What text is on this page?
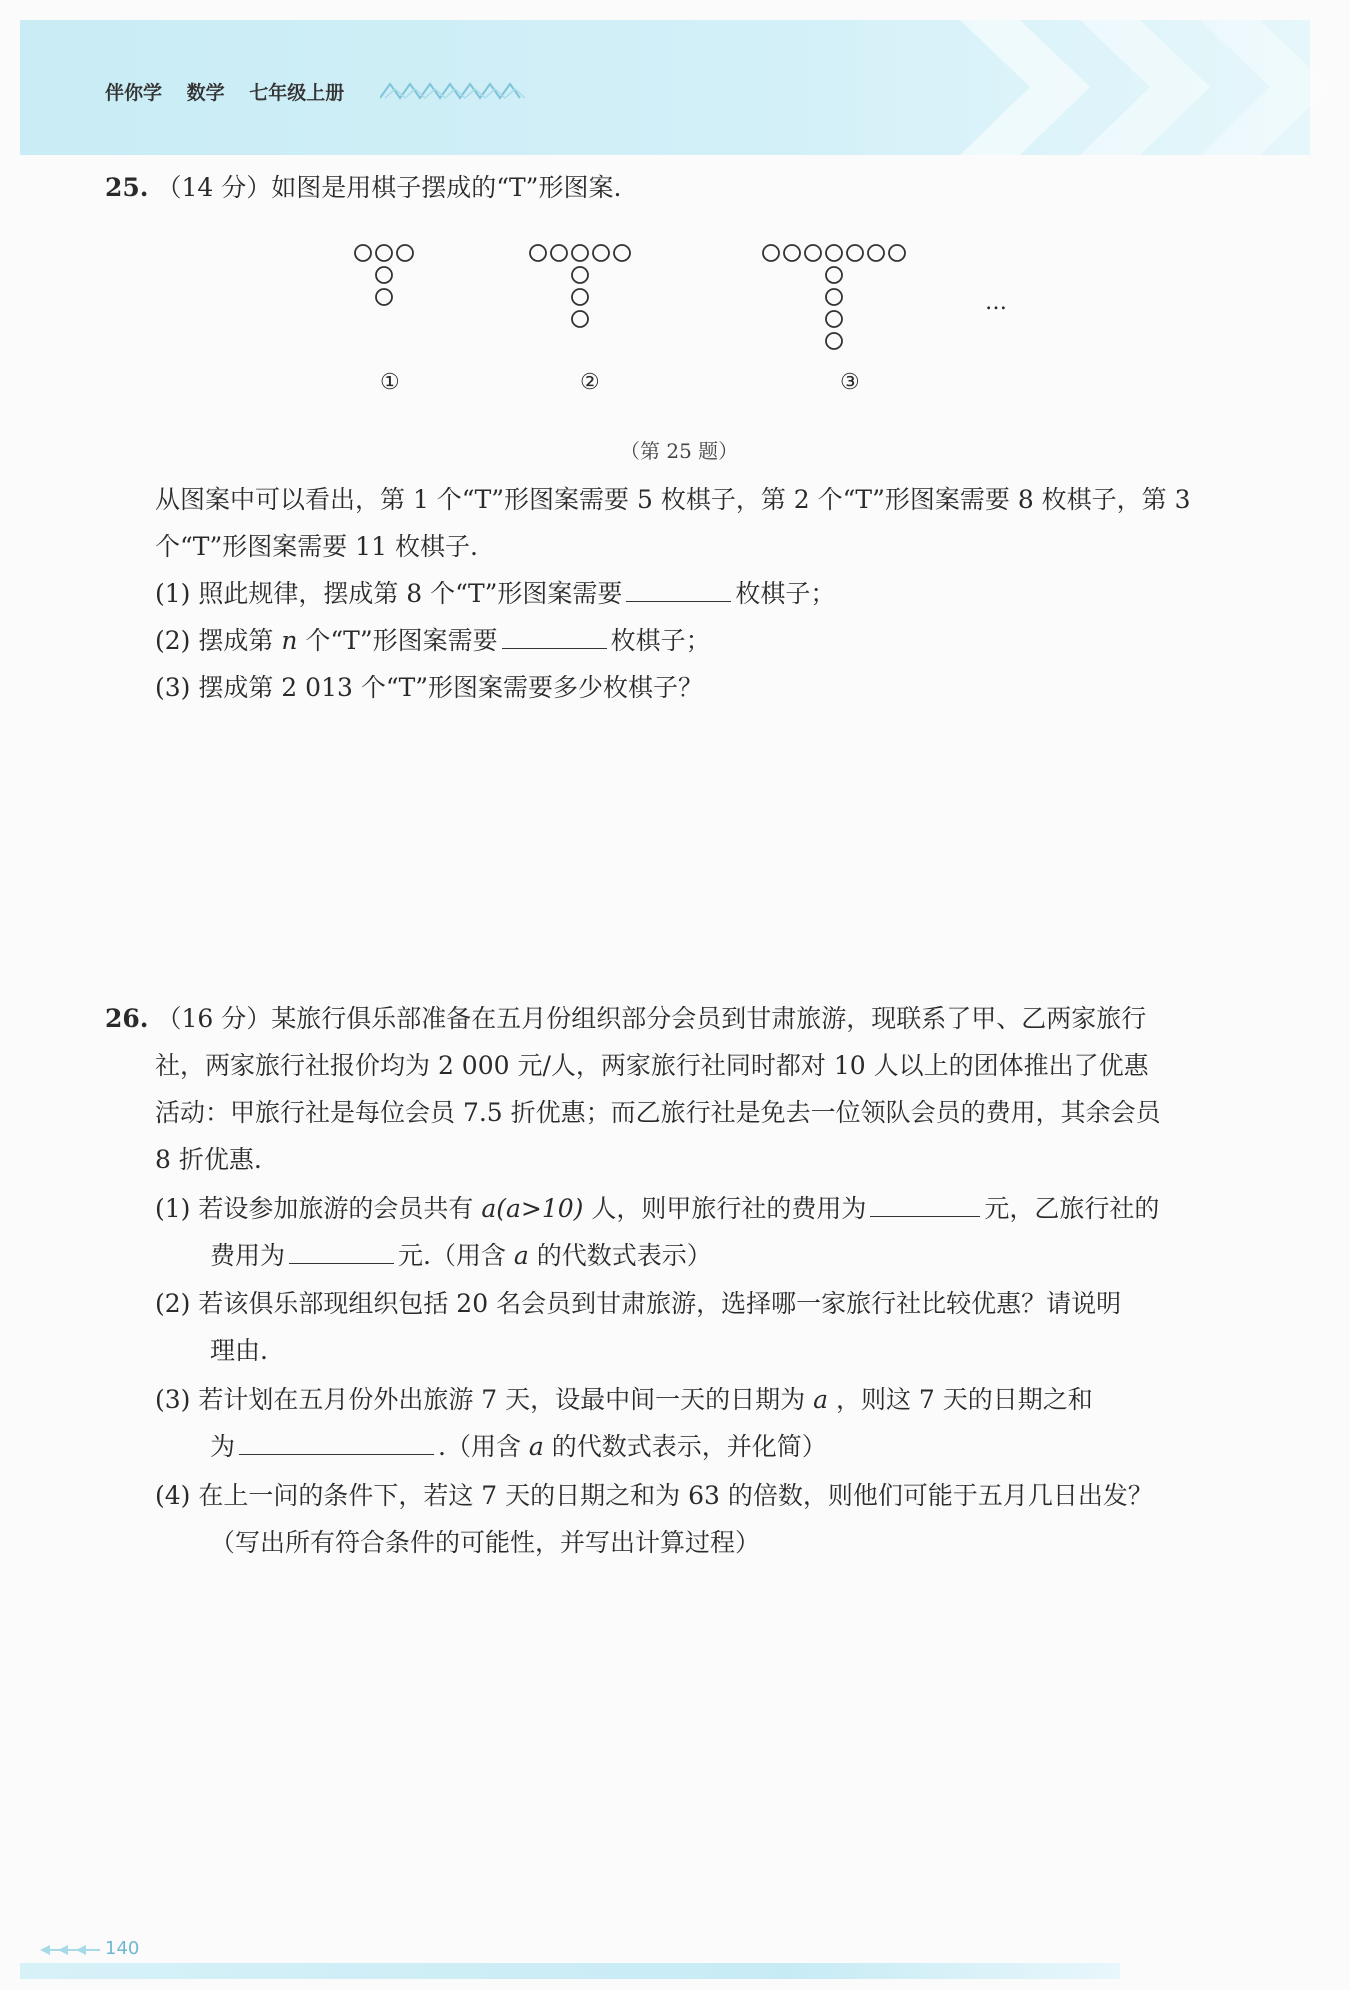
伴你学 数学 七年级上册
25. （14 分）如图是用棋子摆成的“T”形图案.
①	②	③
…
（第 25 题）
从图案中可以看出，第 1 个“T”形图案需要 5 枚棋子，第 2 个“T”形图案需要 8 枚棋子，第 3
个“T”形图案需要 11 枚棋子.
(1) 照此规律，摆成第 8 个“T”形图案需要	枚棋子；
(2) 摆成第 n 个“T”形图案需要	枚棋子；
(3) 摆成第 2 013 个“T”形图案需要多少枚棋子？
26. （16 分）某旅行俱乐部准备在五月份组织部分会员到甘肃旅游，现联系了甲、乙两家旅行
社，两家旅行社报价均为 2 000 元/人，两家旅行社同时都对 10 人以上的团体推出了优惠
活动：甲旅行社是每位会员 7.5 折优惠；而乙旅行社是免去一位领队会员的费用，其余会员
8 折优惠.
(1) 若设参加旅游的会员共有 a(a>10) 人，则甲旅行社的费用为	元，乙旅行社的
费用为	元.（用含 a 的代数式表示）
(2) 若该俱乐部现组织包括 20 名会员到甘肃旅游，选择哪一家旅行社比较优惠？请说明
理由.
(3) 若计划在五月份外出旅游 7 天，设最中间一天的日期为 a ，则这 7 天的日期之和
为	.（用含 a 的代数式表示，并化简）
(4) 在上一问的条件下，若这 7 天的日期之和为 63 的倍数，则他们可能于五月几日出发？
（写出所有符合条件的可能性，并写出计算过程）
140
